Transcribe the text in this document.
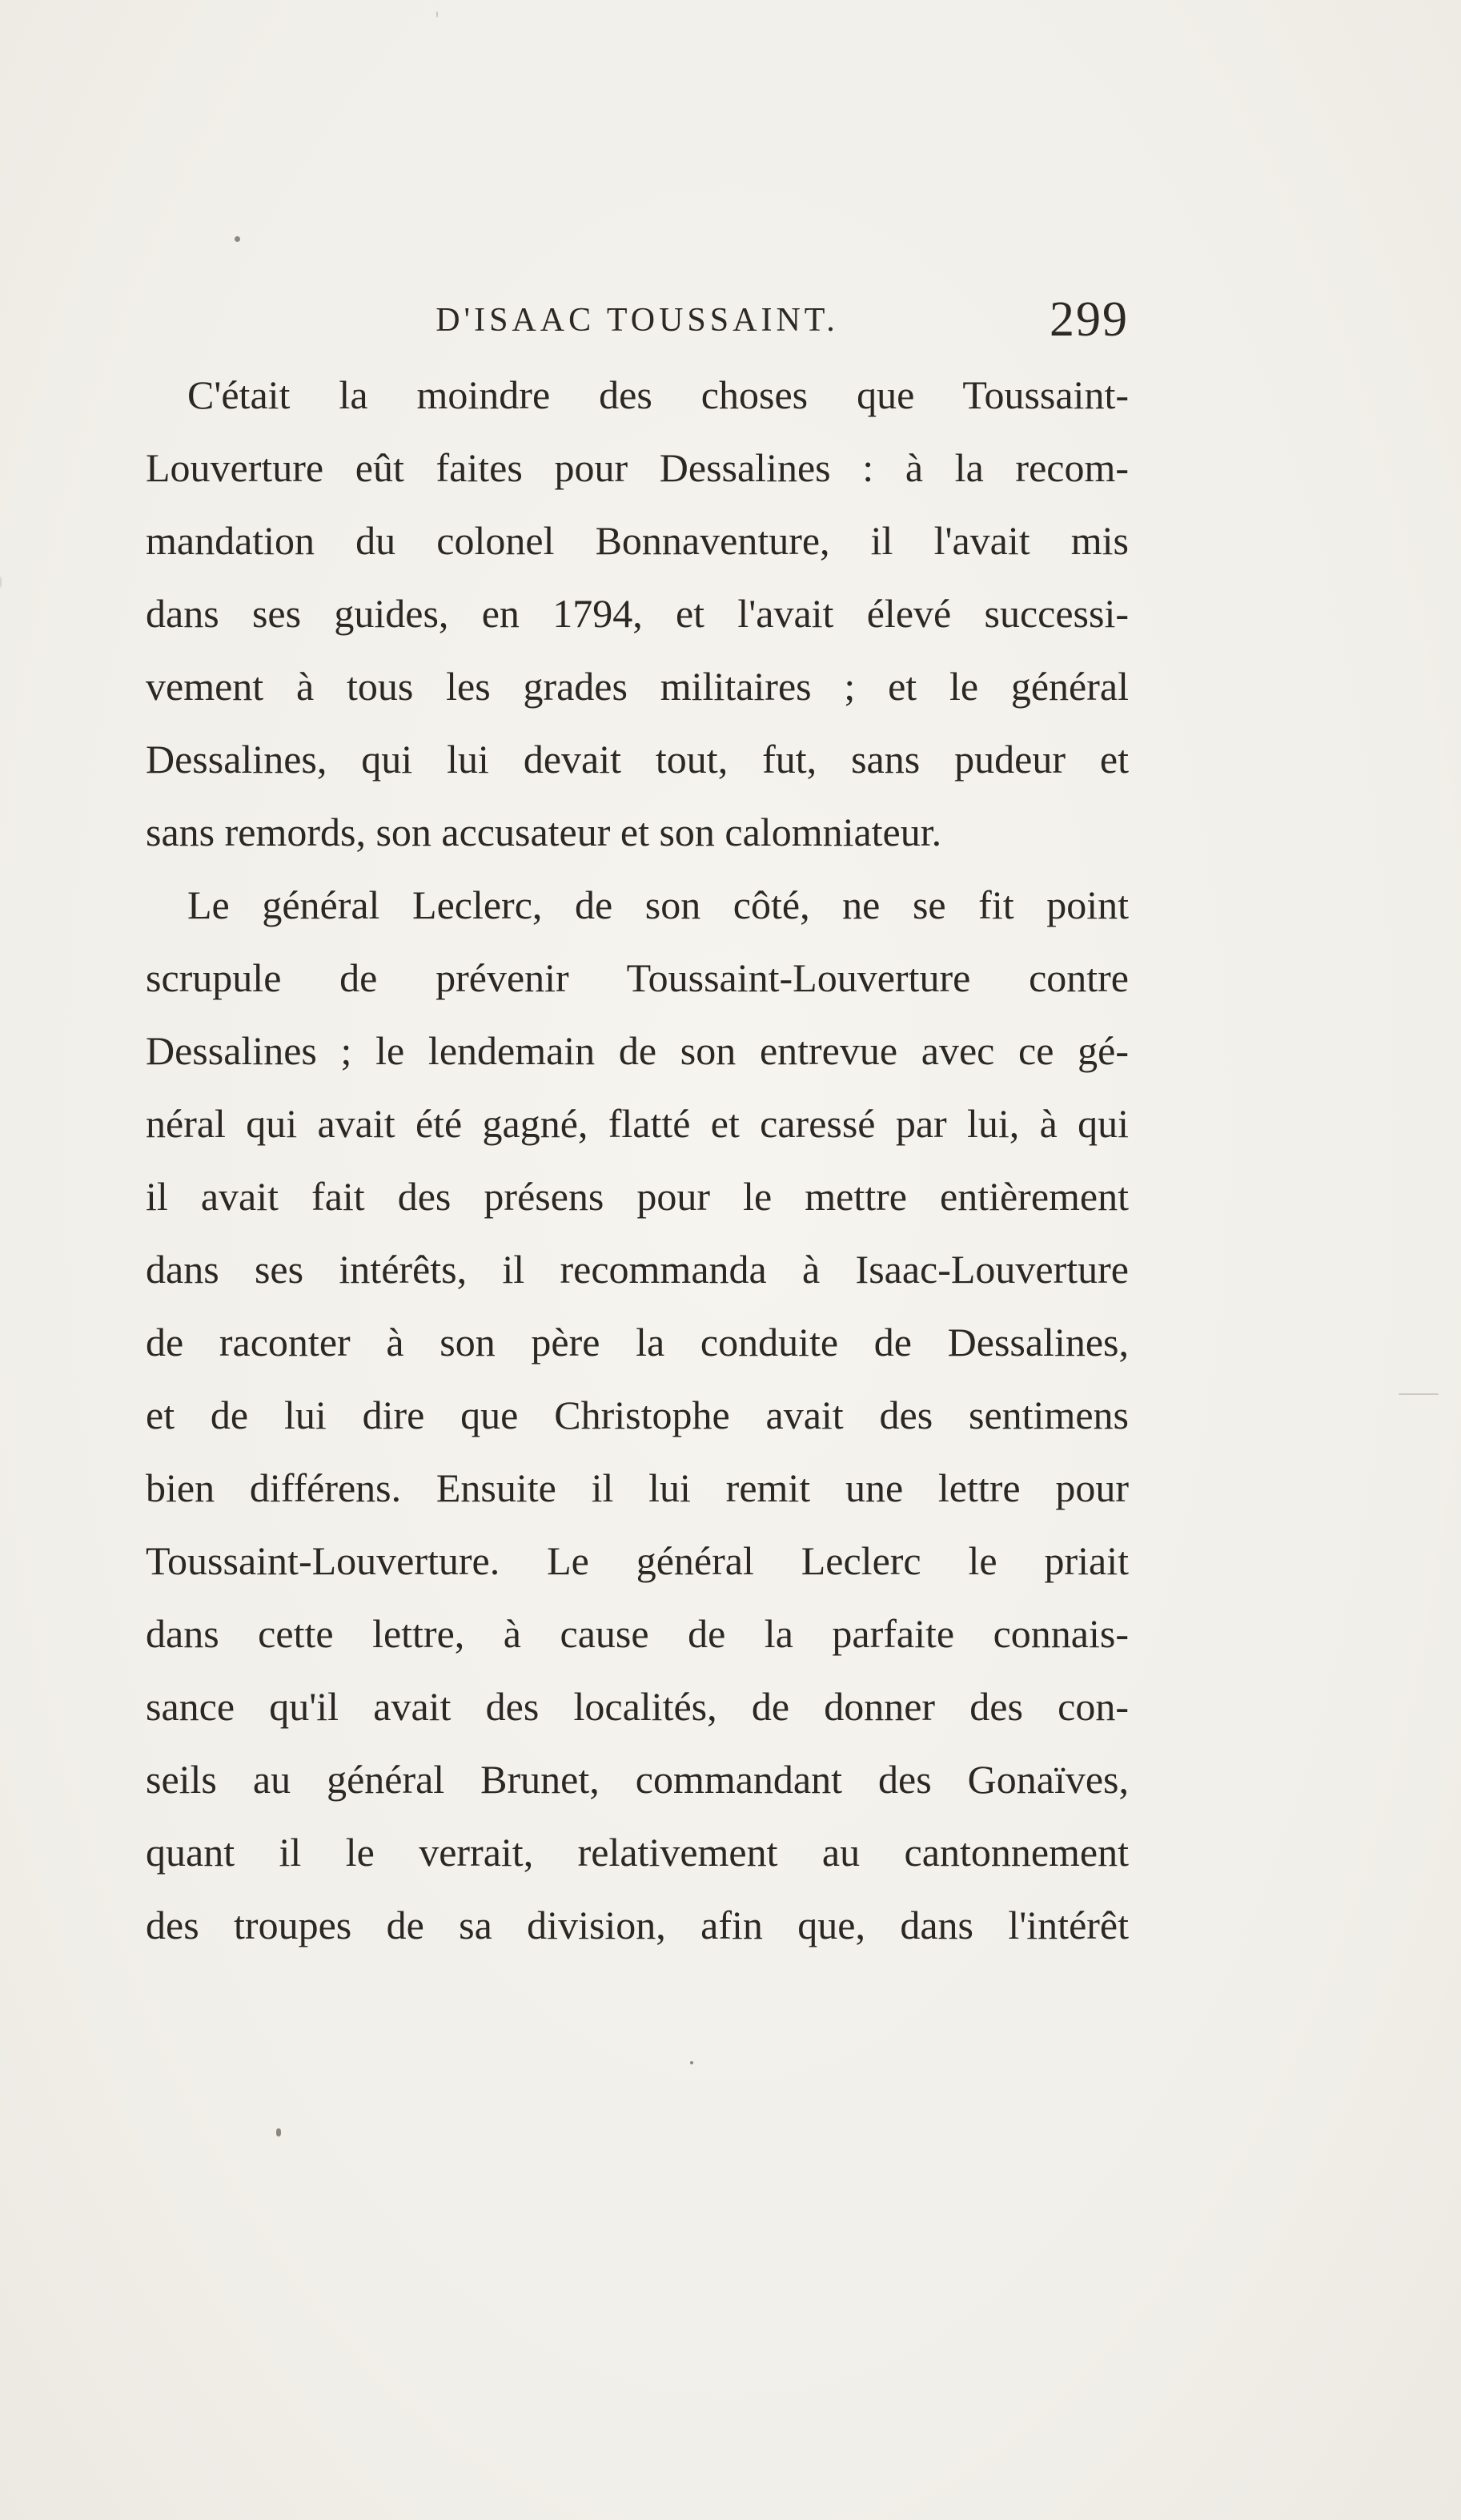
D'ISAAC TOUSSAINT.	299
C'était la moindre des choses que Toussaint-
Louverture eût faites pour Dessalines : à la recom-
mandation du colonel Bonnaventure, il l'avait mis
dans ses guides, en 1794, et l'avait élevé successi-
vement à tous les grades militaires ; et le général
Dessalines, qui lui devait tout, fut, sans pudeur et
sans remords, son accusateur et son calomniateur.
Le général Leclerc, de son côté, ne se fit point
scrupule de prévenir Toussaint-Louverture contre
Dessalines ; le lendemain de son entrevue avec ce gé-
néral qui avait été gagné, flatté et caressé par lui, à qui
il avait fait des présens pour le mettre entièrement
dans ses intérêts, il recommanda à Isaac-Louverture
de raconter à son père la conduite de Dessalines,
et de lui dire que Christophe avait des sentimens
bien différens. Ensuite il lui remit une lettre pour
Toussaint-Louverture. Le général Leclerc le priait
dans cette lettre, à cause de la parfaite connais-
sance qu'il avait des localités, de donner des con-
seils au général Brunet, commandant des Gonaïves,
quant il le verrait, relativement au cantonnement
des troupes de sa division, afin que, dans l'intérêt
